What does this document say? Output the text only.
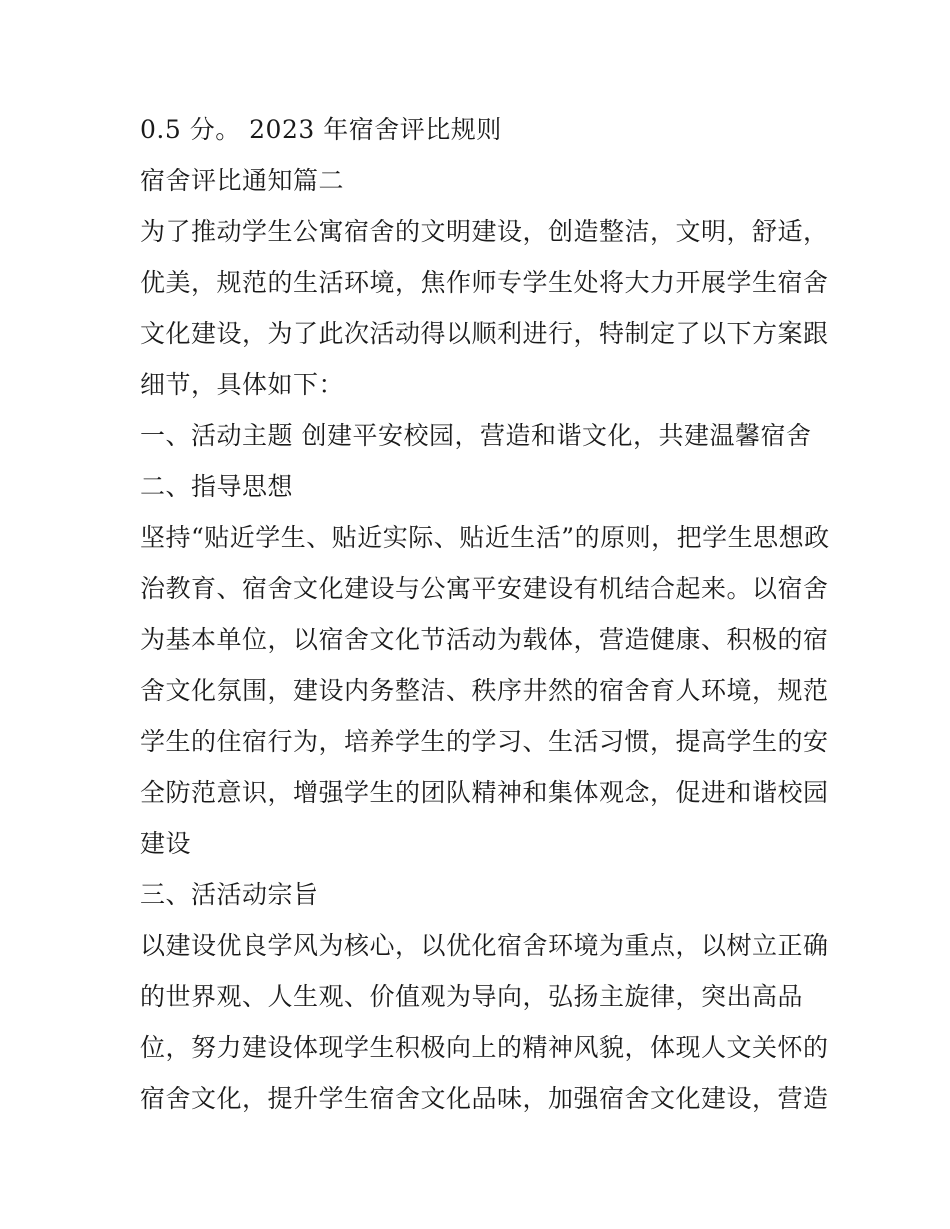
0.5 分。 2023 年宿舍评比规则
宿舍评比通知篇二
为了推动学生公寓宿舍的文明建设，创造整洁，文明，舒适，
优美，规范的生活环境，焦作师专学生处将大力开展学生宿舍
文化建设，为了此次活动得以顺利进行，特制定了以下方案跟
细节，具体如下：
一、活动主题 创建平安校园，营造和谐文化，共建温馨宿舍
二、指导思想
坚持“贴近学生、贴近实际、贴近生活”的原则，把学生思想政
治教育、宿舍文化建设与公寓平安建设有机结合起来。以宿舍
为基本单位，以宿舍文化节活动为载体，营造健康、积极的宿
舍文化氛围，建设内务整洁、秩序井然的宿舍育人环境，规范
学生的住宿行为，培养学生的学习、生活习惯，提高学生的安
全防范意识，增强学生的团队精神和集体观念，促进和谐校园
建设
三、活活动宗旨
以建设优良学风为核心，以优化宿舍环境为重点，以树立正确
的世界观、人生观、价值观为导向，弘扬主旋律，突出高品
位，努力建设体现学生积极向上的精神风貌，体现人文关怀的
宿舍文化，提升学生宿舍文化品味，加强宿舍文化建设，营造
